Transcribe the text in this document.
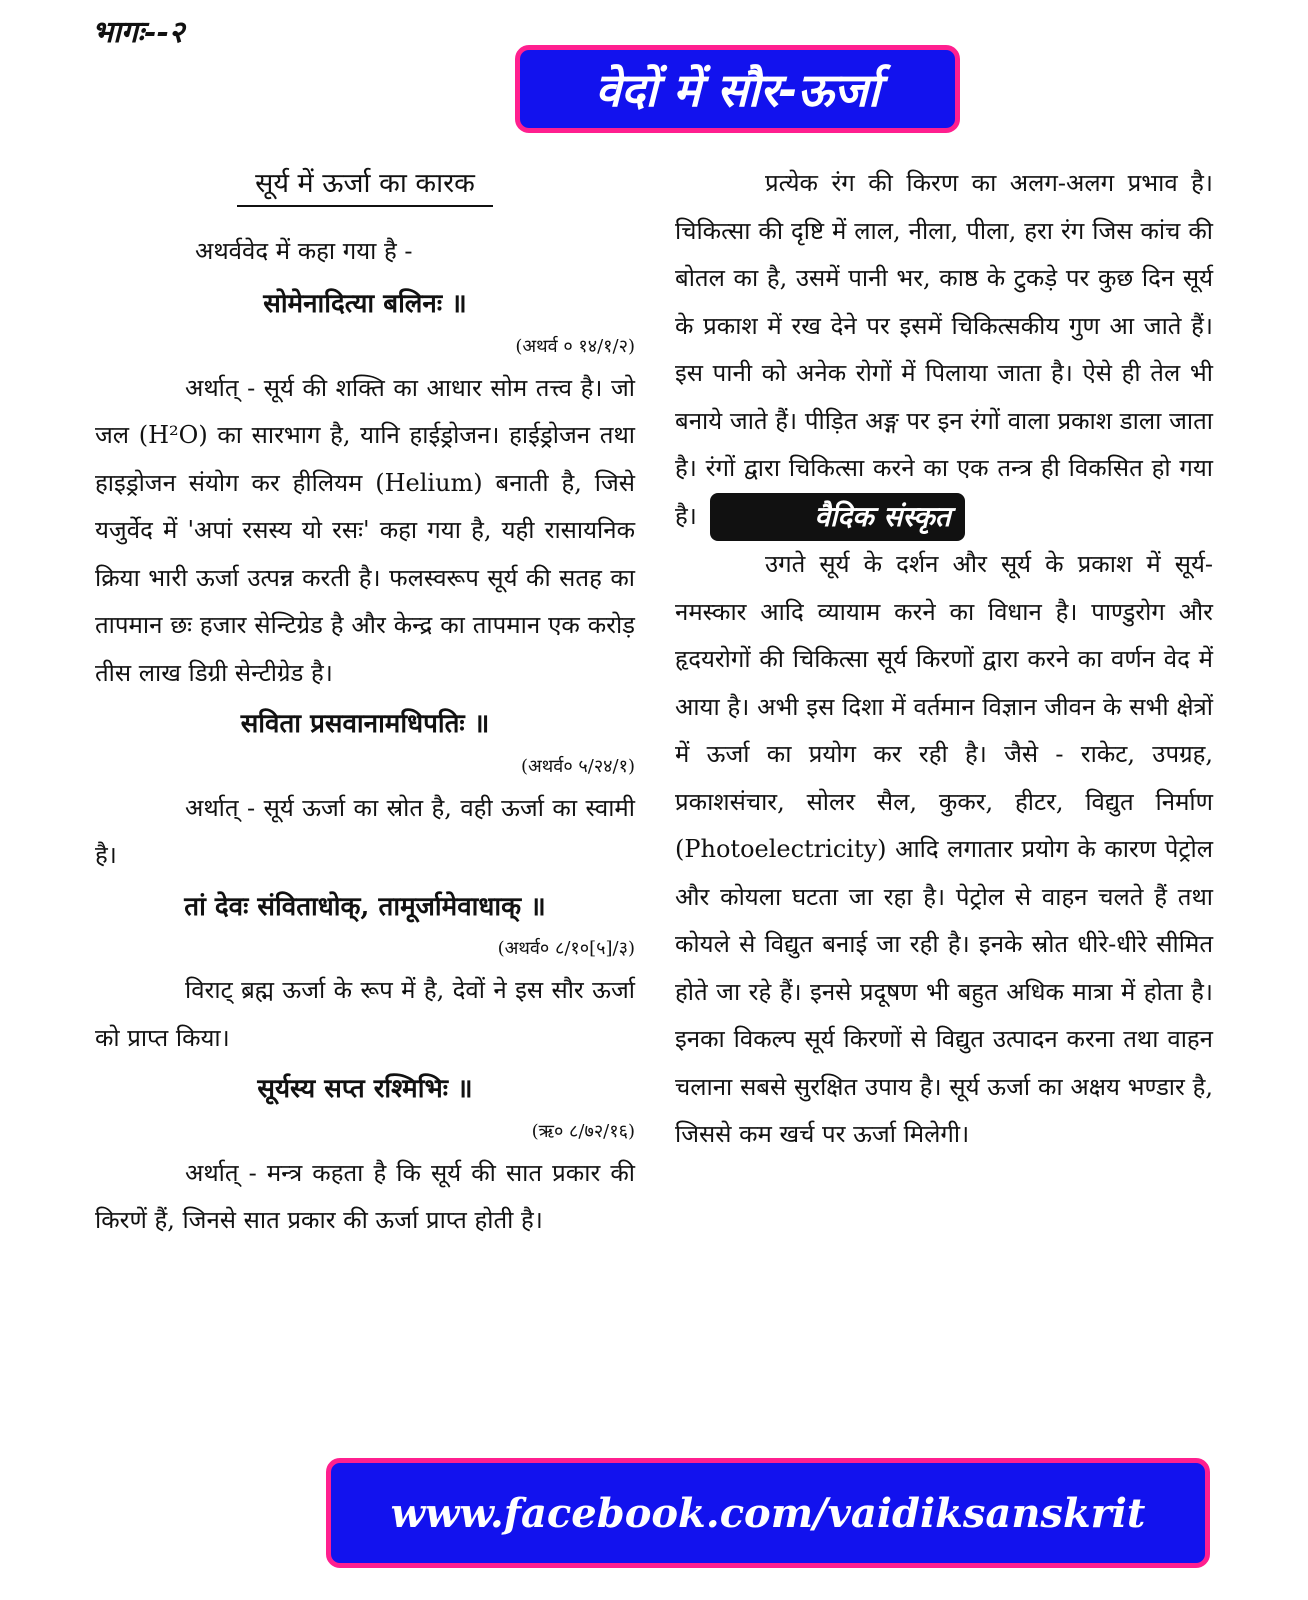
भागः--२
वेदों में सौर-ऊर्जा
सूर्य में ऊर्जा का कारक

अथर्ववेद में कहा गया है -

सोमेनादित्या बलिनः ॥

(अथर्व ० १४/१/२)

अर्थात् - सूर्य की शक्ति का आधार सोम तत्त्व है। जो जल (H²O) का सारभाग है, यानि हाईड्रोजन। हाईड्रोजन तथा हाइड्रोजन संयोग कर हीलियम (Helium) बनाती है, जिसे यजुर्वेद में 'अपां रसस्य यो रसः' कहा गया है, यही रासायनिक क्रिया भारी ऊर्जा उत्पन्न करती है। फलस्वरूप सूर्य की सतह का तापमान छः हजार सेन्टिग्रेड है और केन्द्र का तापमान एक करोड़ तीस लाख डिग्री सेन्टीग्रेड है।

सविता प्रसवानामधिपतिः ॥

(अथर्व० ५/२४/१)

अर्थात् - सूर्य ऊर्जा का स्रोत है, वही ऊर्जा का स्वामी है।

तां देवः संविताधोक्, तामूर्जामेवाधाक् ॥

(अथर्व० ८/१०[५]/३)

विराट् ब्रह्म ऊर्जा के रूप में है, देवों ने इस सौर ऊर्जा को प्राप्त किया।

सूर्यस्य सप्त रश्मिभिः ॥

(ऋ० ८/७२/१६)

अर्थात् - मन्त्र कहता है कि सूर्य की सात प्रकार की किरणें हैं, जिनसे सात प्रकार की ऊर्जा प्राप्त होती है।

प्रत्येक रंग की किरण का अलग-अलग प्रभाव है। चिकित्सा की दृष्टि में लाल, नीला, पीला, हरा रंग जिस कांच की बोतल का है, उसमें पानी भर, काष्ठ के टुकड़े पर कुछ दिन सूर्य के प्रकाश में रख देने पर इसमें चिकित्सकीय गुण आ जाते हैं। इस पानी को अनेक रोगों में पिलाया जाता है। ऐसे ही तेल भी बनाये जाते हैं। पीड़ित अङ्ग पर इन रंगों वाला प्रकाश डाला जाता है। रंगों द्वारा चिकित्सा करने का एक तन्त्र ही विकसित हो गया है।	वैदिक संस्कृत

उगते सूर्य के दर्शन और सूर्य के प्रकाश में सूर्य-नमस्कार आदि व्यायाम करने का विधान है। पाण्डुरोग और हृदयरोगों की चिकित्सा सूर्य किरणों द्वारा करने का वर्णन वेद में आया है। अभी इस दिशा में वर्तमान विज्ञान जीवन के सभी क्षेत्रों में ऊर्जा का प्रयोग कर रही है। जैसे - राकेट, उपग्रह, प्रकाशसंचार, सोलर सैल, कुकर, हीटर, विद्युत निर्माण (Photoelectricity) आदि लगातार प्रयोग के कारण पेट्रोल और कोयला घटता जा रहा है। पेट्रोल से वाहन चलते हैं तथा कोयले से विद्युत बनाई जा रही है। इनके स्रोत धीरे-धीरे सीमित होते जा रहे हैं। इनसे प्रदूषण भी बहुत अधिक मात्रा में होता है। इनका विकल्प सूर्य किरणों से विद्युत उत्पादन करना तथा वाहन चलाना सबसे सुरक्षित उपाय है। सूर्य ऊर्जा का अक्षय भण्डार है, जिससे कम खर्च पर ऊर्जा मिलेगी।

www.facebook.com/vaidiksanskrit
